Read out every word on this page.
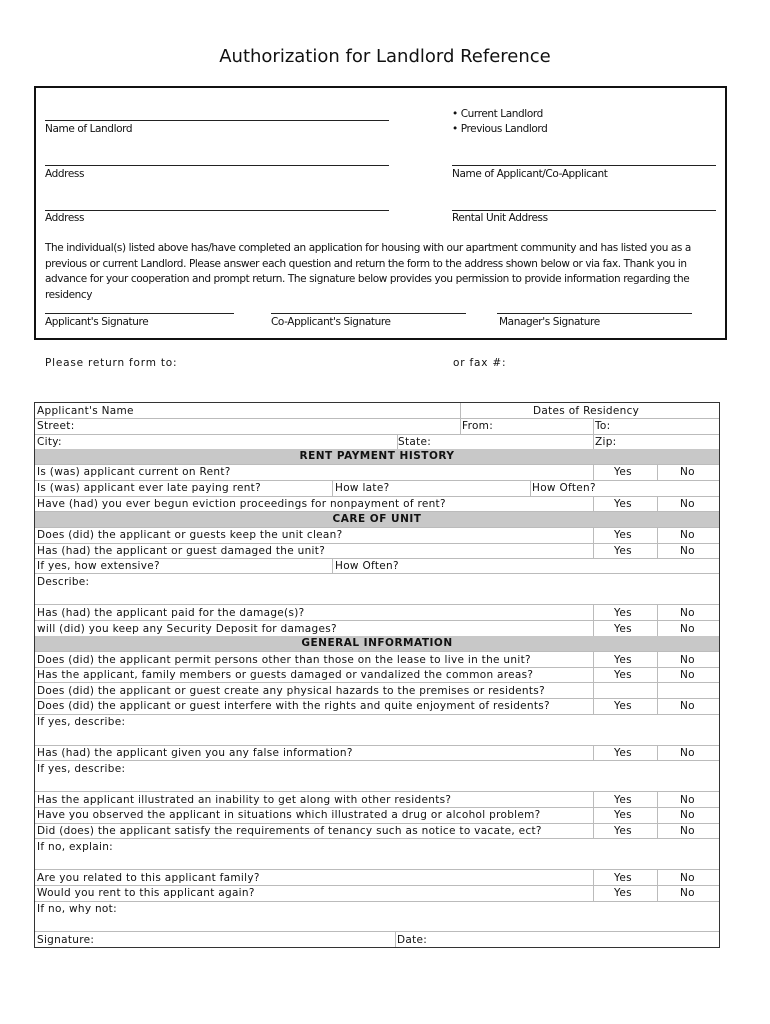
Authorization for Landlord Reference
Name of Landlord
• Current Landlord
• Previous Landlord
Address	Name of Applicant/Co-Applicant
Address	Rental Unit Address
The individual(s) listed above has/have completed an application for housing with our apartment community and has listed you as a previous or current Landlord. Please answer each question and return the form to the address shown below or via fax. Thank you in advance for your cooperation and prompt return. The signature below provides you permission to provide information regarding the residency
Applicant's Signature	Co-Applicant's Signature	Manager's Signature
Please return form to:	or fax #:
Applicant's Name	Dates of Residency
Street:	From:	To:
City:	State:	Zip:
RENT PAYMENT HISTORY
Is (was) applicant current on Rent?	Yes	No
Is (was) applicant ever late paying rent?	How late?	How Often?
Have (had) you ever begun eviction proceedings for nonpayment of rent?	Yes	No
CARE OF UNIT
Does (did) the applicant or guests keep the unit clean?	Yes	No
Has (had) the applicant or guest damaged the unit?	Yes	No
If yes, how extensive?	How Often?
Describe:
Has (had) the applicant paid for the damage(s)?	Yes	No
will (did) you keep any Security Deposit for damages?	Yes	No
GENERAL INFORMATION
Does (did) the applicant permit persons other than those on the lease to live in the unit?	Yes	No
Has the applicant, family members or guests damaged or vandalized the common areas?	Yes	No
Does (did) the applicant or guest create any physical hazards to the premises or residents?
Does (did) the applicant or guest interfere with the rights and quite enjoyment of residents?	Yes	No
If yes, describe:
Has (had) the applicant given you any false information?	Yes	No
If yes, describe:
Has the applicant illustrated an inability to get along with other residents?	Yes	No
Have you observed the applicant in situations which illustrated a drug or alcohol problem?	Yes	No
Did (does) the applicant satisfy the requirements of tenancy such as notice to vacate, ect?	Yes	No
If no, explain:
Are you related to this applicant family?	Yes	No
Would you rent to this applicant again?	Yes	No
If no, why not:
Signature:	Date:
